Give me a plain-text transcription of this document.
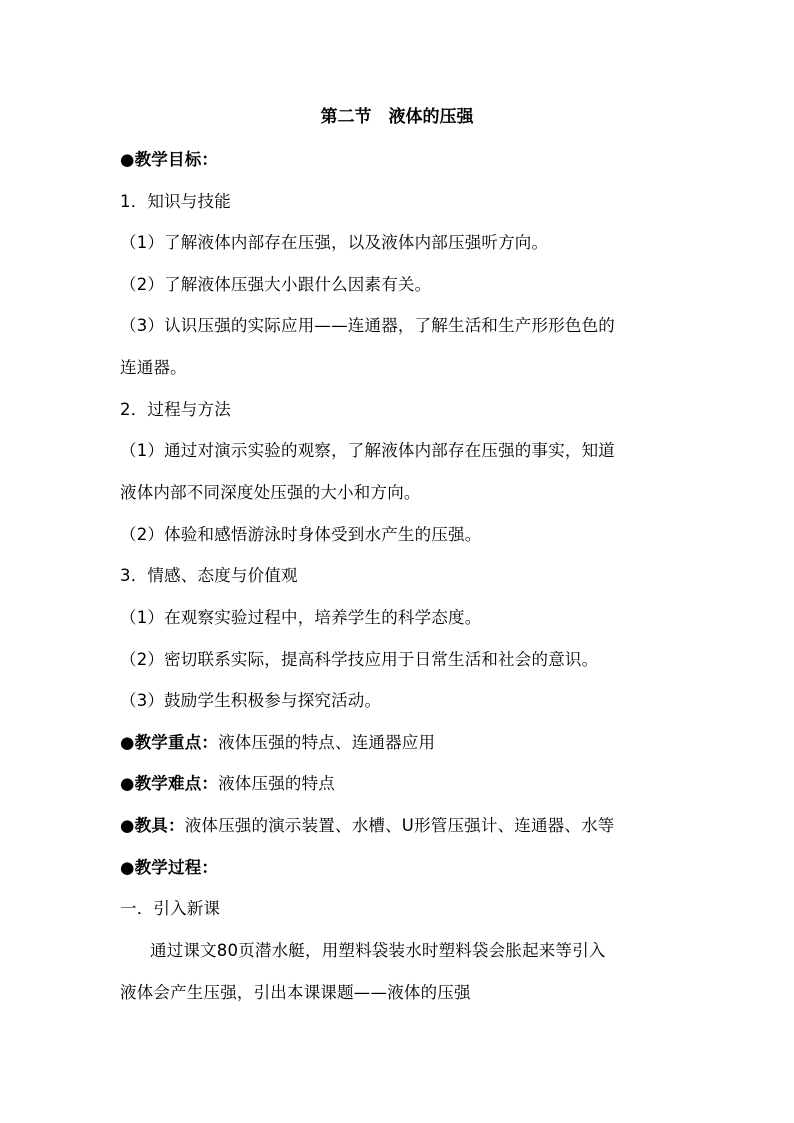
第二节　液体的压强
●教学目标：
1．知识与技能
（1）了解液体内部存在压强，以及液体内部压强听方向。
（2）了解液体压强大小跟什么因素有关。
（3）认识压强的实际应用——连通器，了解生活和生产形形色色的
连通器。
2．过程与方法
（1）通过对演示实验的观察，了解液体内部存在压强的事实，知道
液体内部不同深度处压强的大小和方向。
（2）体验和感悟游泳时身体受到水产生的压强。
3．情感、态度与价值观
（1）在观察实验过程中，培养学生的科学态度。
（2）密切联系实际，提高科学技应用于日常生活和社会的意识。
（3）鼓励学生积极参与探究活动。
●教学重点：液体压强的特点、连通器应用
●教学难点：液体压强的特点
●教具：液体压强的演示装置、水槽、U形管压强计、连通器、水等
●教学过程：
一．引入新课
通过课文80页潜水艇，用塑料袋装水时塑料袋会胀起来等引入
液体会产生压强，引出本课课题——液体的压强
